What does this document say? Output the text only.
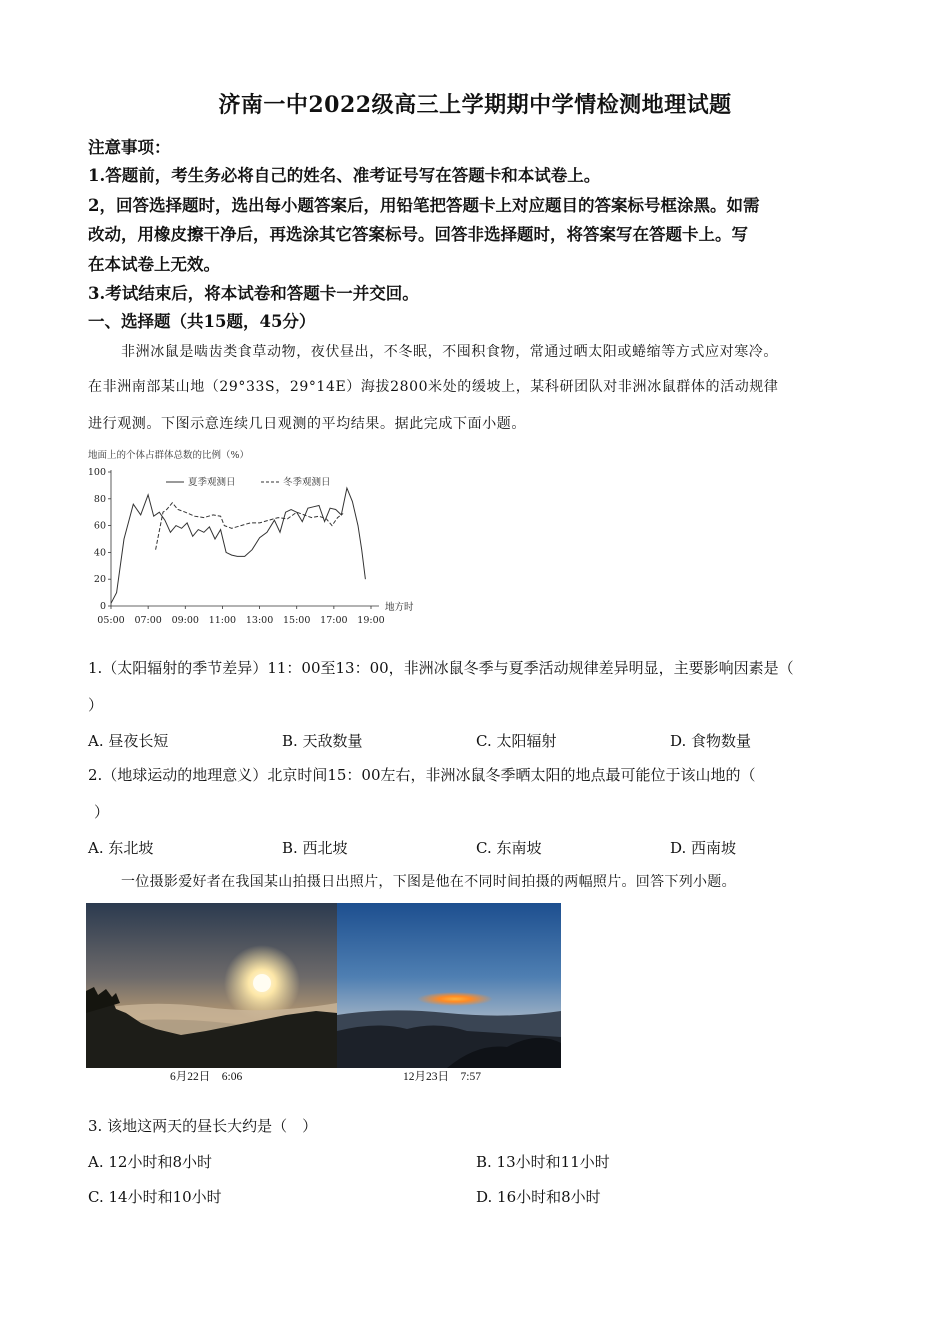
济南一中2022级高三上学期期中学情检测地理试题
注意事项：
1.答题前，考生务必将自己的姓名、准考证号写在答题卡和本试卷上。
2，回答选择题时，选出每小题答案后，用铅笔把答题卡上对应题目的答案标号框涂黑。如需
改动，用橡皮擦干净后，再选涂其它答案标号。回答非选择题时，将答案写在答题卡上。写
在本试卷上无效。
3.考试结束后，将本试卷和答题卡一并交回。
一、选择题（共15题，45分）
非洲冰鼠是啮齿类食草动物，夜伏昼出，不冬眠，不囤积食物，常通过晒太阳或蜷缩等方式应对寒冷。
在非洲南部某山地（29°33S，29°14E）海拔2800米处的缓坡上，某科研团队对非洲冰鼠群体的活动规律
进行观测。下图示意连续几日观测的平均结果。据此完成下面小题。
地面上的个体占群体总数的比例（%）
100
80
60
40
20
0
05:00 07:00 09:00 11:00 13:00 15:00 17:00 19:00
地方时
夏季观测日	冬季观测日
1.（太阳辐射的季节差异）11：00至13：00，非洲冰鼠冬季与夏季活动规律差异明显，主要影响因素是（
）
A. 昼夜长短	B. 天敌数量	C. 太阳辐射	D. 食物数量
2.（地球运动的地理意义）北京时间15：00左右，非洲冰鼠冬季晒太阳的地点最可能位于该山地的（
）
A. 东北坡	B. 西北坡	C. 东南坡	D. 西南坡
一位摄影爱好者在我国某山拍摄日出照片，下图是他在不同时间拍摄的两幅照片。回答下列小题。
6月22日　6:06	12月23日　7:57
3. 该地这两天的昼长大约是（　）
A. 12小时和8小时	B. 13小时和11小时
C. 14小时和10小时	D. 16小时和8小时
